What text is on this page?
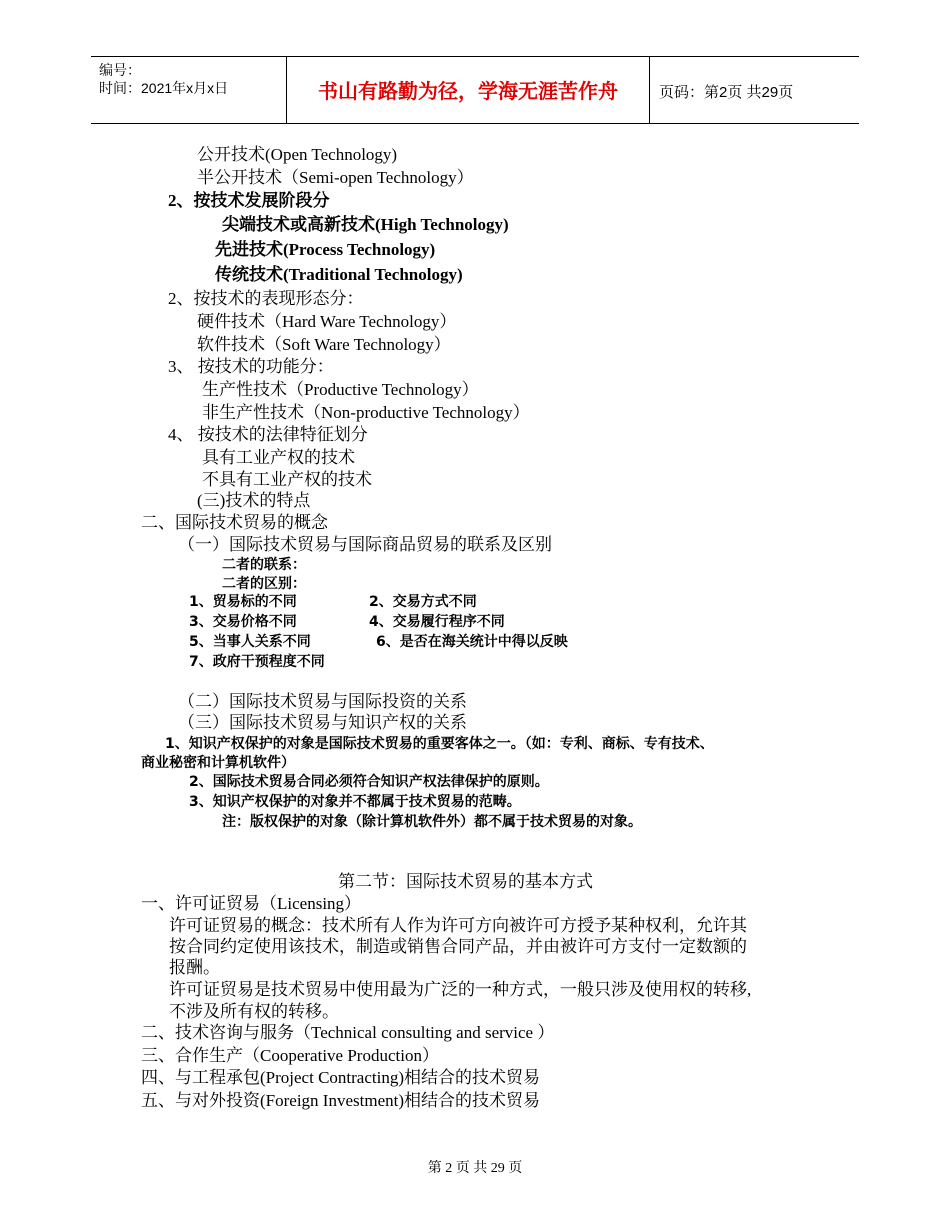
编号：
时间：2021年x月x日	书山有路勤为径，学海无涯苦作舟	页码：第2页 共29页
公开技术(Open Technology)
半公开技术（Semi-open Technology）
2、按技术发展阶段分
尖端技术或高新技术(High Technology)
先进技术(Process Technology)
传统技术(Traditional Technology)
2、按技术的表现形态分：
硬件技术（Hard Ware Technology）
软件技术（Soft Ware Technology）
3、 按技术的功能分：
生产性技术（Productive Technology）
非生产性技术（Non-productive Technology）
4、 按技术的法律特征划分
具有工业产权的技术
不具有工业产权的技术
(三)技术的特点
二、国际技术贸易的概念
（一）国际技术贸易与国际商品贸易的联系及区别
二者的联系：
二者的区别：
1、贸易标的不同	2、交易方式不同
3、交易价格不同	4、交易履行程序不同
5、当事人关系不同	6、是否在海关统计中得以反映
7、政府干预程度不同
（二）国际技术贸易与国际投资的关系
（三）国际技术贸易与知识产权的关系
1、知识产权保护的对象是国际技术贸易的重要客体之一。（如：专利、商标、专有技术、
商业秘密和计算机软件）
2、国际技术贸易合同必须符合知识产权法律保护的原则。
3、知识产权保护的对象并不都属于技术贸易的范畴。
注：版权保护的对象（除计算机软件外）都不属于技术贸易的对象。
第二节：国际技术贸易的基本方式
一、许可证贸易（Licensing）
许可证贸易的概念：技术所有人作为许可方向被许可方授予某种权利，允许其
按合同约定使用该技术，制造或销售合同产品，并由被许可方支付一定数额的
报酬。
许可证贸易是技术贸易中使用最为广泛的一种方式，一般只涉及使用权的转移,
不涉及所有权的转移。
二、技术咨询与服务（Technical consulting and service ）
三、合作生产（Cooperative Production）
四、与工程承包(Project Contracting)相结合的技术贸易
五、与对外投资(Foreign Investment)相结合的技术贸易
第 2 页 共 29 页
